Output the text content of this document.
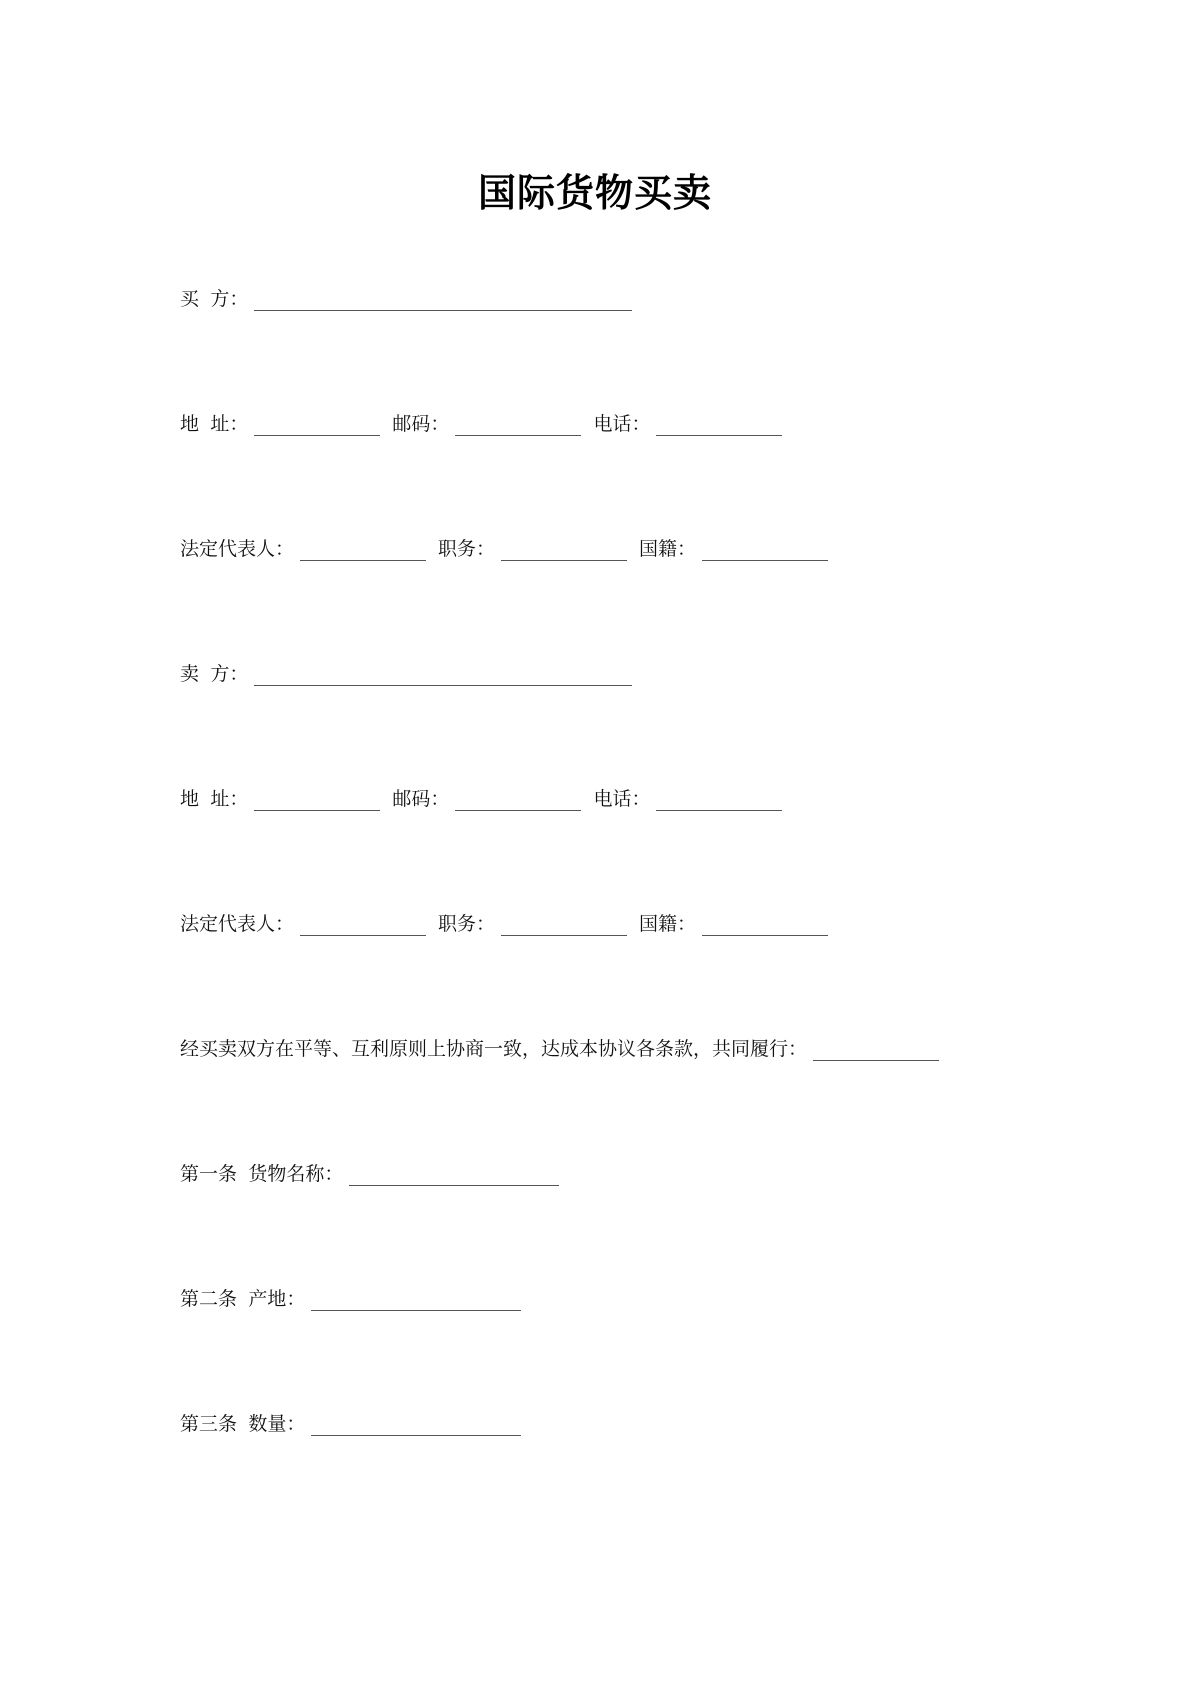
国际货物买卖
买 方：
地 址：	邮码：	电话：
法定代表人：	职务：	国籍：
卖 方：
地 址：	邮码：	电话：
法定代表人：	职务：	国籍：
经买卖双方在平等、互利原则上协商一致，达成本协议各条款，共同履行：
第一条 货物名称：
第二条 产地：
第三条 数量：
